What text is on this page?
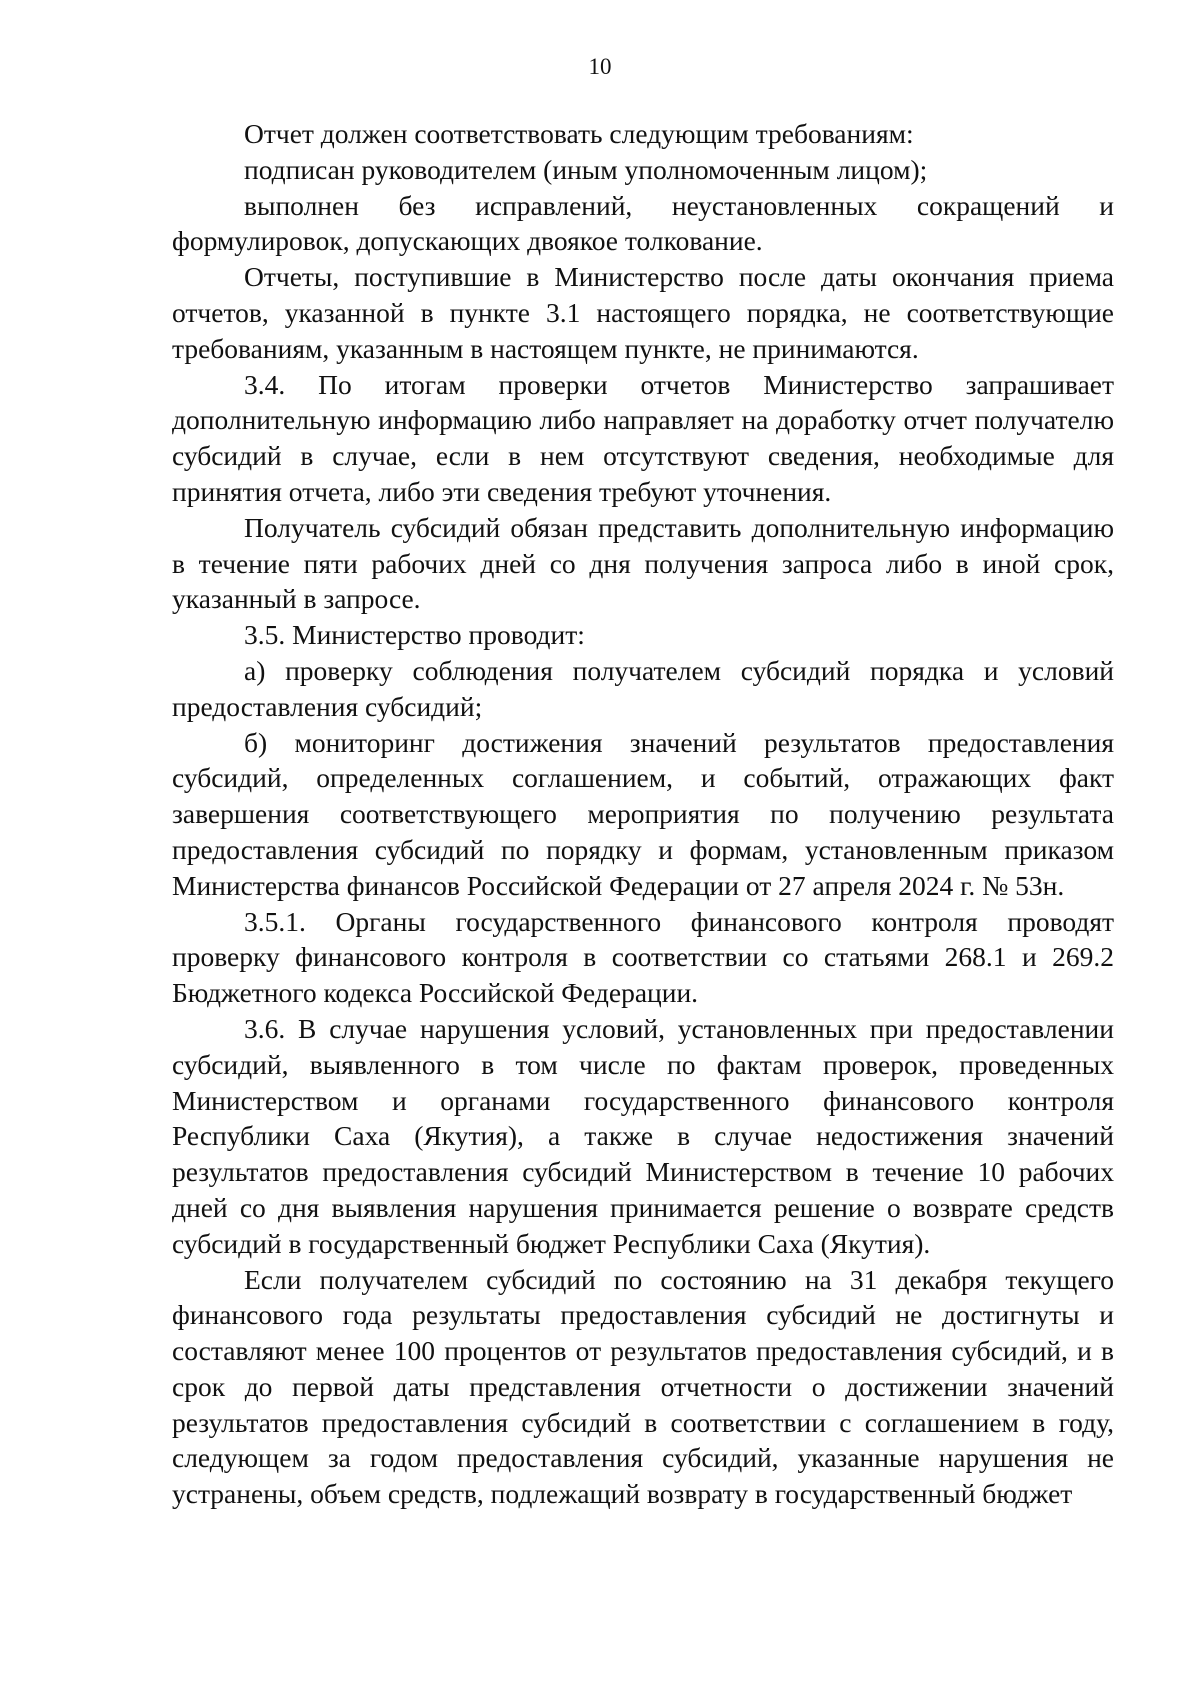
10

Отчет должен соответствовать следующим требованиям:

подписан руководителем (иным уполномоченным лицом);

выполнен без исправлений, неустановленных сокращений и формулировок, допускающих двоякое толкование.

Отчеты, поступившие в Министерство после даты окончания приема отчетов, указанной в пункте 3.1 настоящего порядка, не соответствующие требованиям, указанным в настоящем пункте, не принимаются.

3.4. По итогам проверки отчетов Министерство запрашивает дополнительную информацию либо направляет на доработку отчет получателю субсидий в случае, если в нем отсутствуют сведения, необходимые для принятия отчета, либо эти сведения требуют уточнения.

Получатель субсидий обязан представить дополнительную информацию в течение пяти рабочих дней со дня получения запроса либо в иной срок, указанный в запросе.

3.5. Министерство проводит:

а) проверку соблюдения получателем субсидий порядка и условий предоставления субсидий;

б) мониторинг достижения значений результатов предоставления субсидий, определенных соглашением, и событий, отражающих факт завершения соответствующего мероприятия по получению результата предоставления субсидий по порядку и формам, установленным приказом Министерства финансов Российской Федерации от 27 апреля 2024 г. № 53н.

3.5.1. Органы государственного финансового контроля проводят проверку финансового контроля в соответствии со статьями 268.1 и 269.2 Бюджетного кодекса Российской Федерации.

3.6. В случае нарушения условий, установленных при предоставлении субсидий, выявленного в том числе по фактам проверок, проведенных Министерством и органами государственного финансового контроля Республики Саха (Якутия), а также в случае недостижения значений результатов предоставления субсидий Министерством в течение 10 рабочих дней со дня выявления нарушения принимается решение о возврате средств субсидий в государственный бюджет Республики Саха (Якутия).

Если получателем субсидий по состоянию на 31 декабря текущего финансового года результаты предоставления субсидий не достигнуты и составляют менее 100 процентов от результатов предоставления субсидий, и в срок до первой даты представления отчетности о достижении значений результатов предоставления субсидий в соответствии с соглашением в году, следующем за годом предоставления субсидий, указанные нарушения не устранены, объем средств, подлежащий возврату в государственный бюджет
